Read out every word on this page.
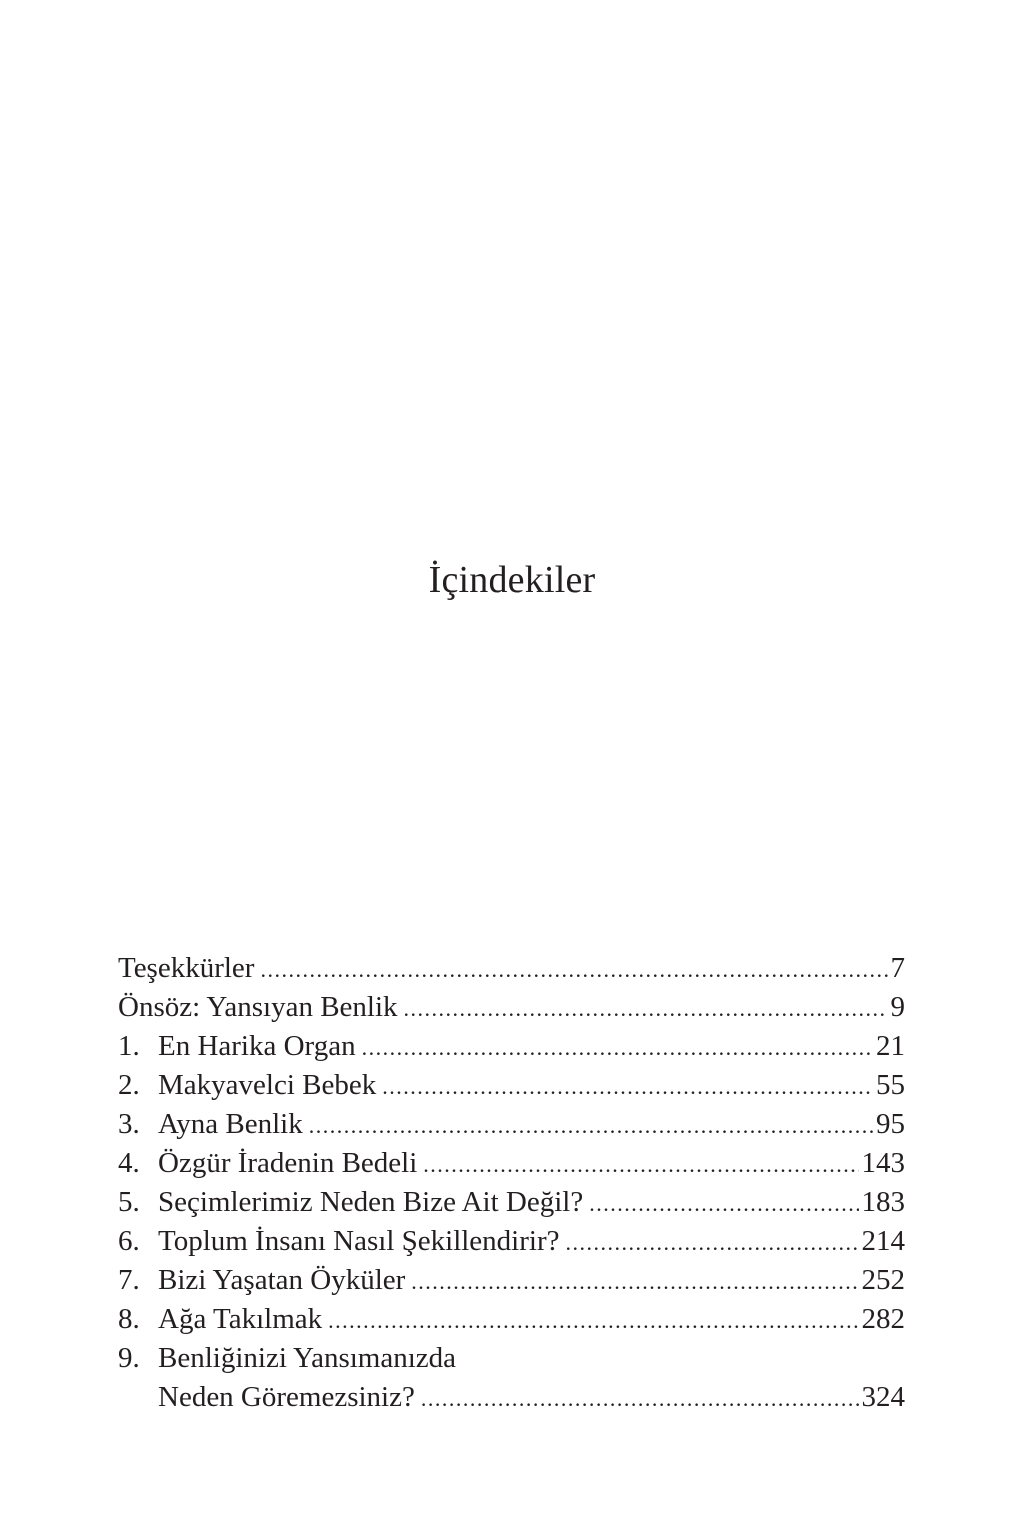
İçindekiler
Teşekkürler .....	7
Önsöz: Yansıyan Benlik .....	9
1. En Harika Organ .....	21
2. Makyavelci Bebek .....	55
3. Ayna Benlik .....	95
4. Özgür İradenin Bedeli .....	143
5. Seçimlerimiz Neden Bize Ait Değil? .....	183
6. Toplum İnsanı Nasıl Şekillendirir? .....	214
7. Bizi Yaşatan Öyküler .....	252
8. Ağa Takılmak .....	282
9. Benliğinizi Yansımanızda
Neden Göremezsiniz? .....	324
